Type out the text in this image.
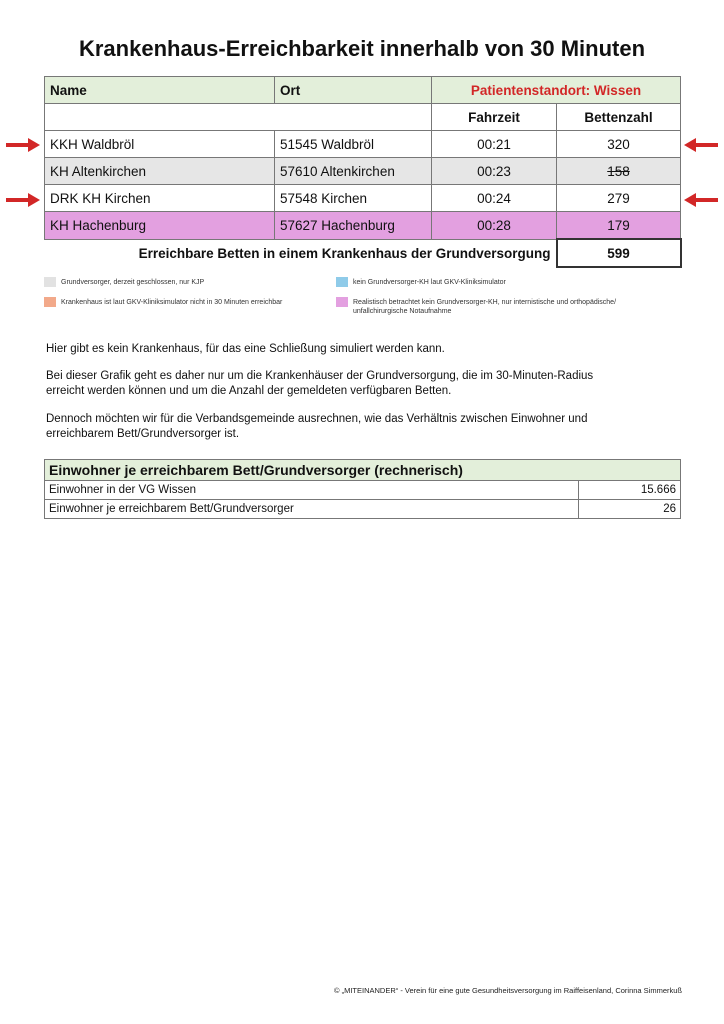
Krankenhaus-Erreichbarkeit innerhalb von 30 Minuten
Name	Ort	Patientenstandort: Wissen	
		Fahrzeit	Bettenzahl
KKH Waldbröl	51545 Waldbröl	00:21	320
KH Altenkirchen	57610 Altenkirchen	00:23	158
DRK KH Kirchen	57548 Kirchen	00:24	279
KH Hachenburg	57627 Hachenburg	00:28	179
Erreichbare Betten in einem Krankenhaus der Grundversorgung			599
Grundversorger, derzeit geschlossen, nur KJP	kein Grundversorger-KH laut GKV-Kliniksimulator
Krankenhaus ist laut GKV-Kliniksimulator nicht in 30 Minuten erreichbar	Realistisch betrachtet kein Grundversorger-KH, nur internistische und orthopädische/
unfallchirurgische Notaufnahme
Hier gibt es kein Krankenhaus, für das eine Schließung simuliert werden kann.
Bei dieser Grafik geht es daher nur um die Krankenhäuser der Grundversorgung, die im 30-Minuten-Radius
erreicht werden können und um die Anzahl der gemeldeten verfügbaren Betten.
Dennoch möchten wir für die Verbandsgemeinde ausrechnen, wie das Verhältnis zwischen Einwohner und
erreichbarem Bett/Grundversorger ist.
Einwohner je erreichbarem Bett/Grundversorger (rechnerisch)	
Einwohner in der VG Wissen	15.666
Einwohner je erreichbarem Bett/Grundversorger	26
© „MITEINANDER“ - Verein für eine gute Gesundheitsversorgung im Raiffeisenland, Corinna Simmerkuß
